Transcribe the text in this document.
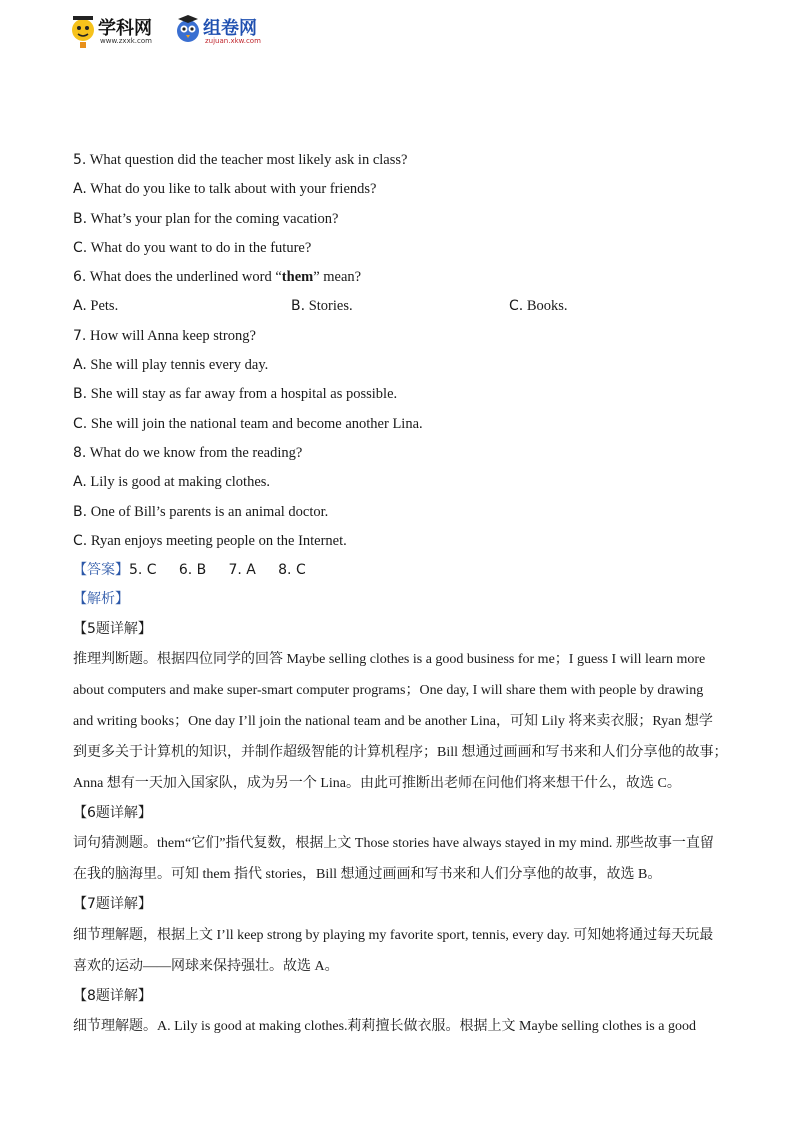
学科网
www.zxxk.com
组卷网
zujuan.xkw.com
5. What question did the teacher most likely ask in class?
A. What do you like to talk about with your friends?
B. What’s your plan for the coming vacation?
C. What do you want to do in the future?
6. What does the underlined word “them” mean?
A. Pets.	B. Stories.	C. Books.
7. How will Anna keep strong?
A. She will play tennis every day.
B. She will stay as far away from a hospital as possible.
C. She will join the national team and become another Lina.
8. What do we know from the reading?
A. Lily is good at making clothes.
B. One of Bill’s parents is an animal doctor.
C. Ryan enjoys meeting people on the Internet.
【答案】5. C     6. B     7. A     8. C
【解析】
【5题详解】
推理判断题。根据四位同学的回答 Maybe selling clothes is a good business for me；I guess I will learn more
about computers and make super-smart computer programs；One day, I will share them with people by drawing
and writing books；One day I’ll join the national team and be another Lina，可知 Lily 将来卖衣服；Ryan 想学
到更多关于计算机的知识，并制作超级智能的计算机程序；Bill 想通过画画和写书来和人们分享他的故事；
Anna 想有一天加入国家队，成为另一个 Lina。由此可推断出老师在问他们将来想干什么，故选 C。
【6题详解】
词句猜测题。them“它们”指代复数，根据上文 Those stories have always stayed in my mind. 那些故事一直留
在我的脑海里。可知 them 指代 stories，Bill 想通过画画和写书来和人们分享他的故事，故选 B。
【7题详解】
细节理解题，根据上文 I’ll keep strong by playing my favorite sport, tennis, every day. 可知她将通过每天玩最
喜欢的运动——网球来保持强壮。故选 A。
【8题详解】
细节理解题。A. Lily is good at making clothes.莉莉擅长做衣服。根据上文 Maybe selling clothes is a good
